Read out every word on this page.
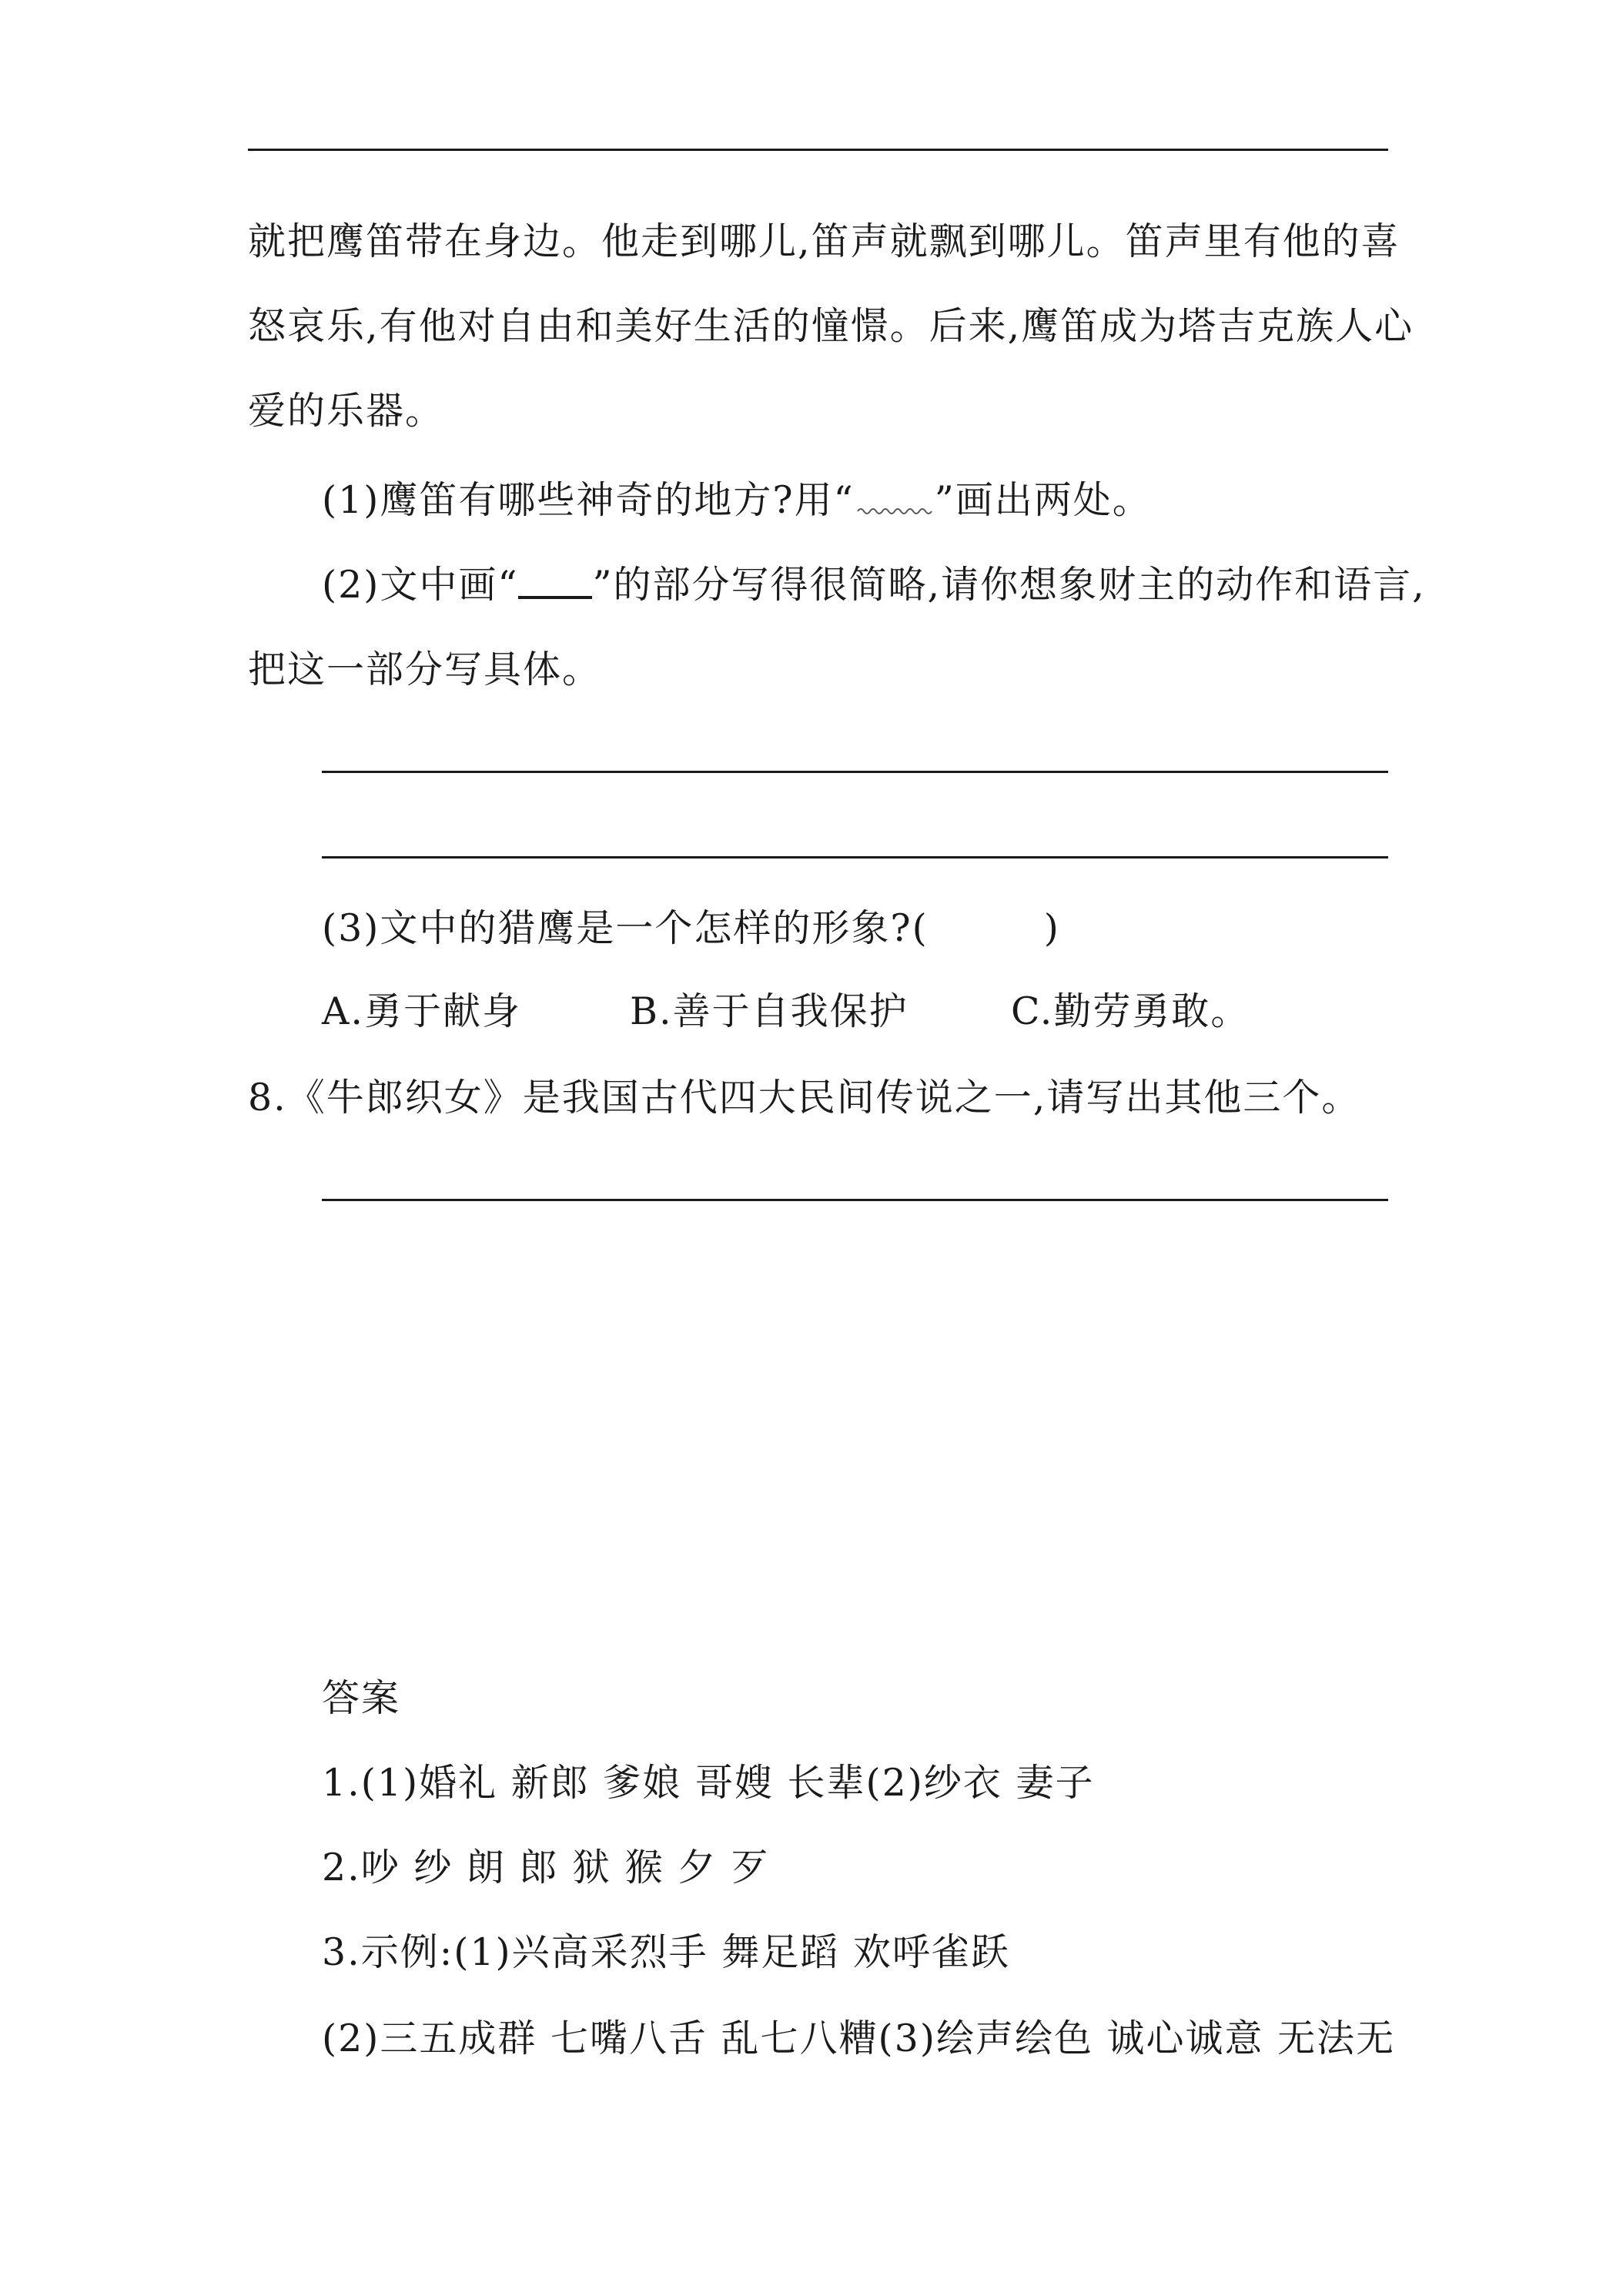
就把鹰笛带在身边。他走到哪儿,笛声就飘到哪儿。笛声里有他的喜
怒哀乐,有他对自由和美好生活的憧憬。后来,鹰笛成为塔吉克族人心
爱的乐器。
(1)鹰笛有哪些神奇的地方?用“ ”画出两处。
(2)文中画“ ”的部分写得很简略,请你想象财主的动作和语言,
把这一部分写具体。
(3)文中的猎鹰是一个怎样的形象?(	)
A.勇于献身	B.善于自我保护	C.勤劳勇敢。
8.《牛郎织女》是我国古代四大民间传说之一,请写出其他三个。
答案
1.(1)婚礼 新郎 爹娘 哥嫂 长辈(2)纱衣 妻子
2.吵 纱 朗 郎 狱 猴 夕 歹
3.示例:(1)兴高采烈手 舞足蹈 欢呼雀跃
(2)三五成群 七嘴八舌 乱七八糟(3)绘声绘色 诚心诚意 无法无
